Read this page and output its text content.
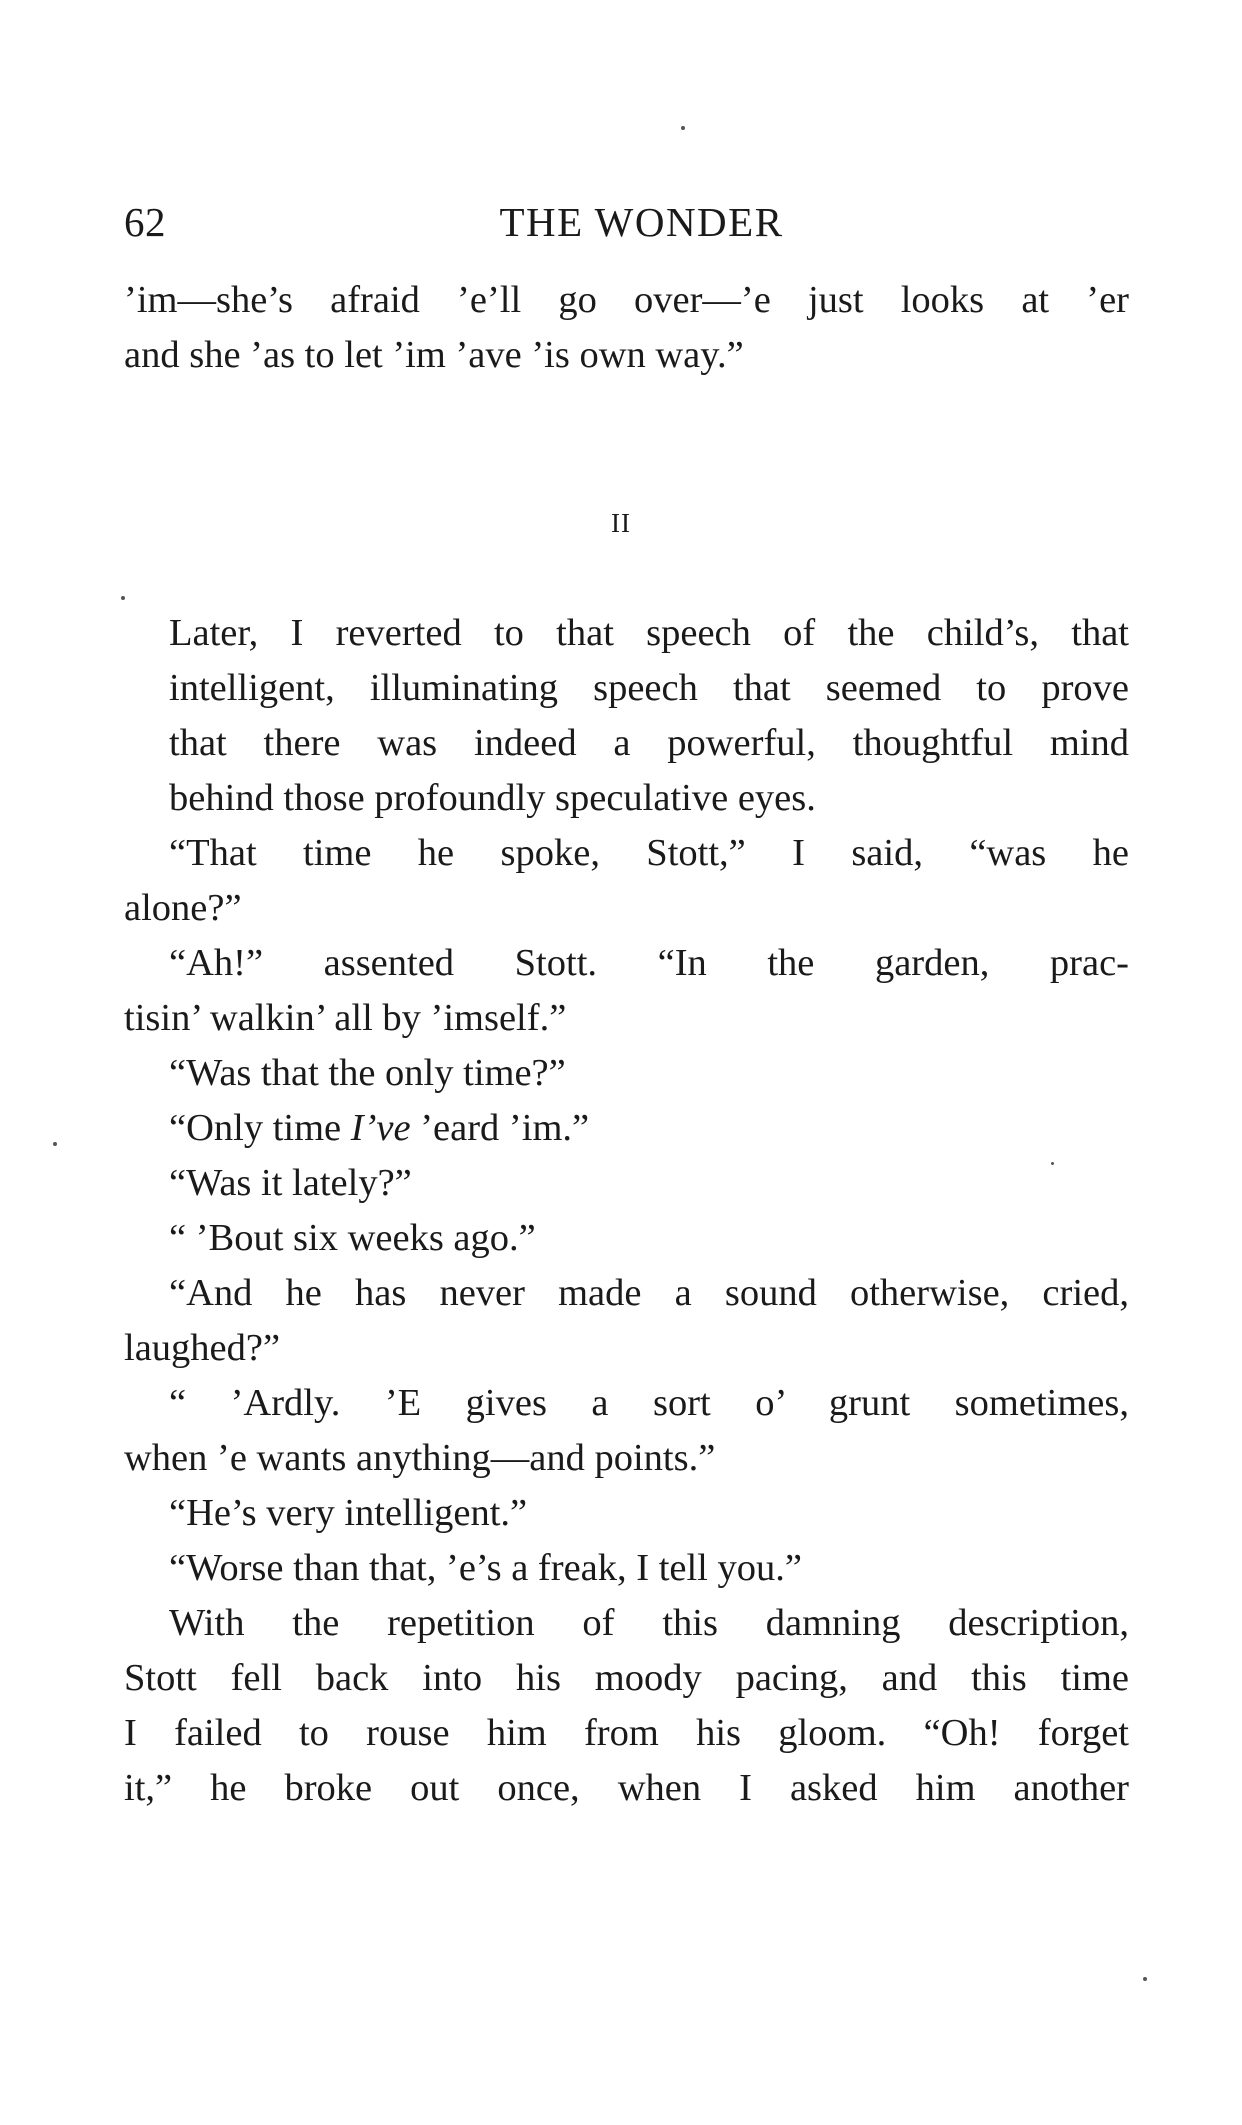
62	THE WONDER

’im—she’s afraid ’e’ll go over—’e just looks at ’er
and she ’as to let ’im ’ave ’is own way.”

II

Later, I reverted to that speech of the child’s, that
intelligent, illuminating speech that seemed to prove
that there was indeed a powerful, thoughtful mind
behind those profoundly speculative eyes.

“That time he spoke, Stott,” I said, “was he
alone?”

“Ah!” assented Stott. “In the garden, prac-
tisin’ walkin’ all by ’imself.”

“Was that the only time?”

“Only time I’ve ’eard ’im.”

“Was it lately?”

“ ’Bout six weeks ago.”

“And he has never made a sound otherwise, cried,
laughed?”

“ ’Ardly. ’E gives a sort o’ grunt sometimes,
when ’e wants anything—and points.”

“He’s very intelligent.”

“Worse than that, ’e’s a freak, I tell you.”

With the repetition of this damning description,
Stott fell back into his moody pacing, and this time
I failed to rouse him from his gloom. “Oh! forget
it,” he broke out once, when I asked him another
